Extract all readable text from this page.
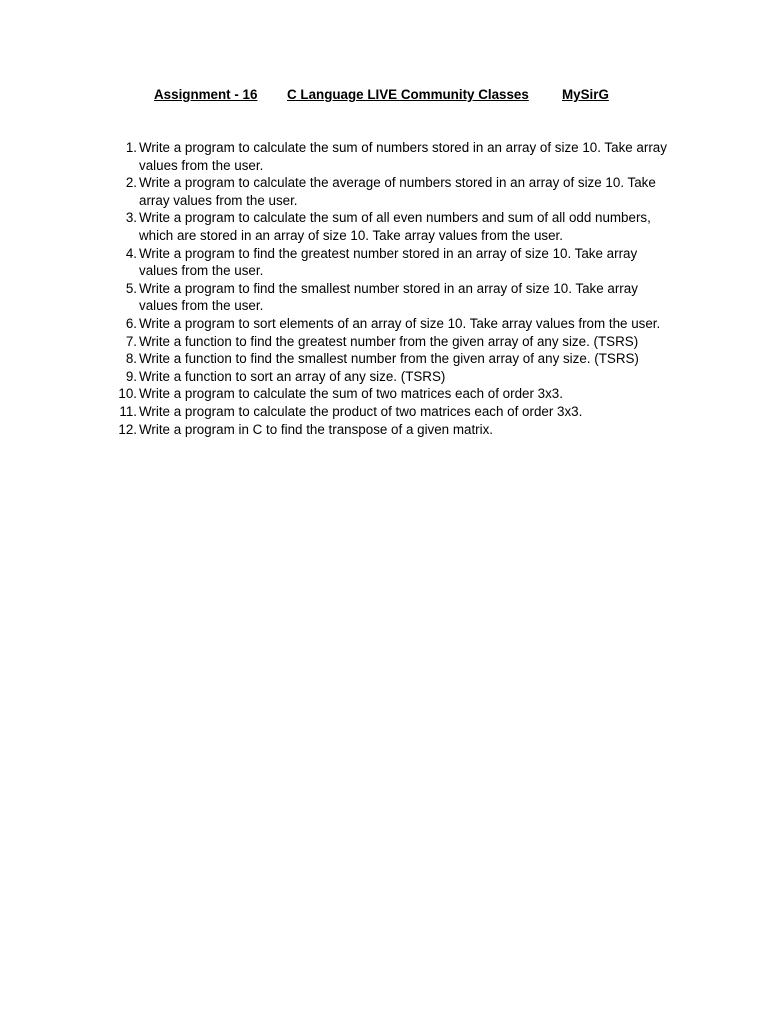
Assignment - 16 C Language LIVE Community Classes MySirG
1. Write a program to calculate the sum of numbers stored in an array of size 10. Take array values from the user.
2. Write a program to calculate the average of numbers stored in an array of size 10. Take array values from the user.
3. Write a program to calculate the sum of all even numbers and sum of all odd numbers, which are stored in an array of size 10. Take array values from the user.
4. Write a program to find the greatest number stored in an array of size 10. Take array values from the user.
5. Write a program to find the smallest number stored in an array of size 10. Take array values from the user.
6. Write a program to sort elements of an array of size 10. Take array values from the user.
7. Write a function to find the greatest number from the given array of any size. (TSRS)
8. Write a function to find the smallest number from the given array of any size. (TSRS)
9. Write a function to sort an array of any size. (TSRS)
10. Write a program to calculate the sum of two matrices each of order 3x3.
11. Write a program to calculate the product of two matrices each of order 3x3.
12. Write a program in C to find the transpose of a given matrix.
